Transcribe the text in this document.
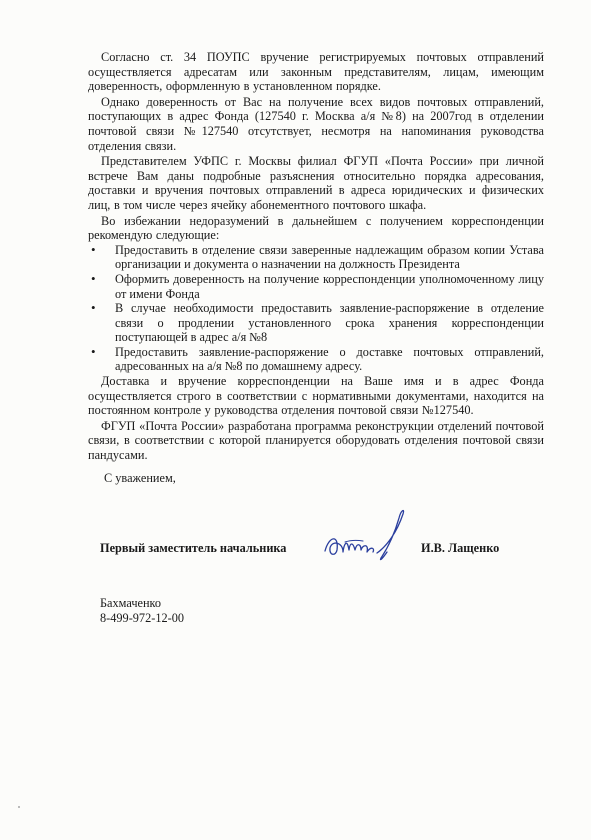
Согласно ст. 34 ПОУПС вручение регистрируемых почтовых отправлений осуществляется адресатам или законным представителям, лицам, имеющим доверенность, оформленную в установленном порядке.

Однако доверенность от Вас на получение всех видов почтовых отправлений, поступающих в адрес Фонда (127540 г. Москва а/я №8) на 2007год в отделении почтовой связи №127540 отсутствует, несмотря на напоминания руководства отделения связи.

Представителем УФПС г. Москвы филиал ФГУП «Почта России» при личной встрече Вам даны подробные разъяснения относительно порядка адресования, доставки и вручения почтовых отправлений в адреса юридических и физических лиц, в том числе через ячейку абонементного почтового шкафа.

Во избежании недоразумений в дальнейшем с получением корреспонденции рекомендую следующие:

• Предоставить в отделение связи заверенные надлежащим образом копии Устава организации и документа о назначении на должность Президента
• Оформить доверенность на получение корреспонденции уполномоченному лицу от имени Фонда
• В случае необходимости предоставить заявление-распоряжение в отделение связи о продлении установленного срока хранения корреспонденции поступающей в адрес а/я №8
• Предоставить заявление-распоряжение о доставке почтовых отправлений, адресованных на а/я №8 по домашнему адресу.

Доставка и вручение корреспонденции на Ваше имя и в адрес Фонда осуществляется строго в соответствии с нормативными документами, находится на постоянном контроле у руководства отделения почтовой связи №127540.

ФГУП «Почта России» разработана программа реконструкции отделений почтовой связи, в соответствии с которой планируется оборудовать отделения почтовой связи пандусами.

С уважением,
Первый заместитель начальника	И.В. Лащенко
Бахмаченко
8-499-972-12-00
